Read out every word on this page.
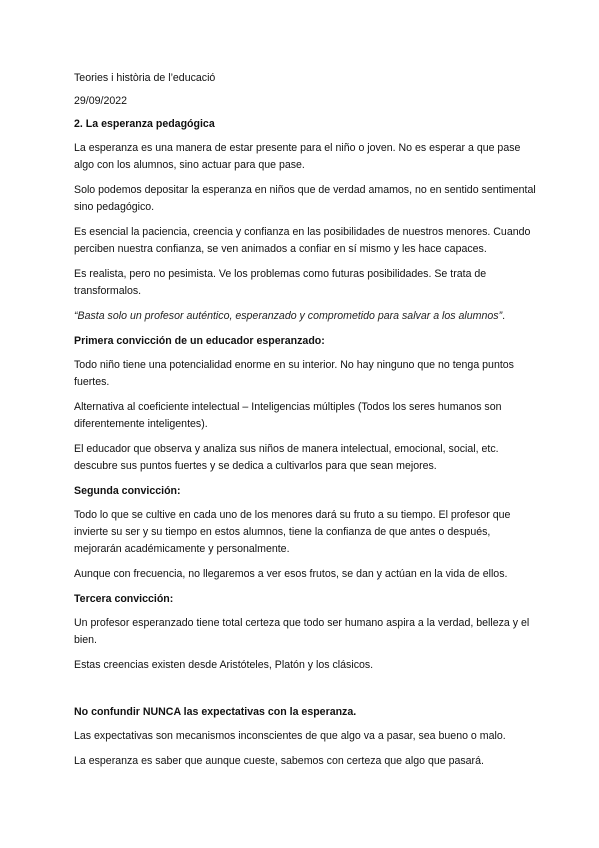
Teories i història de l’educació

29/09/2022

2. La esperanza pedagógica

La esperanza es una manera de estar presente para el niño o joven. No es esperar a que pase algo con los alumnos, sino actuar para que pase.

Solo podemos depositar la esperanza en niños que de verdad amamos, no en sentido sentimental sino pedagógico.

Es esencial la paciencia, creencia y confianza en las posibilidades de nuestros menores. Cuando perciben nuestra confianza, se ven animados a confiar en sí mismo y les hace capaces.

Es realista, pero no pesimista. Ve los problemas como futuras posibilidades. Se trata de transformalos.

“Basta solo un profesor auténtico, esperanzado y comprometido para salvar a los alumnos”.

Primera convicción de un educador esperanzado:

Todo niño tiene una potencialidad enorme en su interior. No hay ninguno que no tenga puntos fuertes.

Alternativa al coeficiente intelectual – Inteligencias múltiples (Todos los seres humanos son diferentemente inteligentes).

El educador que observa y analiza sus niños de manera intelectual, emocional, social, etc. descubre sus puntos fuertes y se dedica a cultivarlos para que sean mejores.

Segunda convicción:

Todo lo que se cultive en cada uno de los menores dará su fruto a su tiempo. El profesor que invierte su ser y su tiempo en estos alumnos, tiene la confianza de que antes o después, mejorarán académicamente y personalmente.

Aunque con frecuencia, no llegaremos a ver esos frutos, se dan y actúan en la vida de ellos.

Tercera convicción:

Un profesor esperanzado tiene total certeza que todo ser humano aspira a la verdad, belleza y el bien.

Estas creencias existen desde Aristóteles, Platón y los clásicos.

No confundir NUNCA las expectativas con la esperanza.

Las expectativas son mecanismos inconscientes de que algo va a pasar, sea bueno o malo.

La esperanza es saber que aunque cueste, sabemos con certeza que algo que pasará.
